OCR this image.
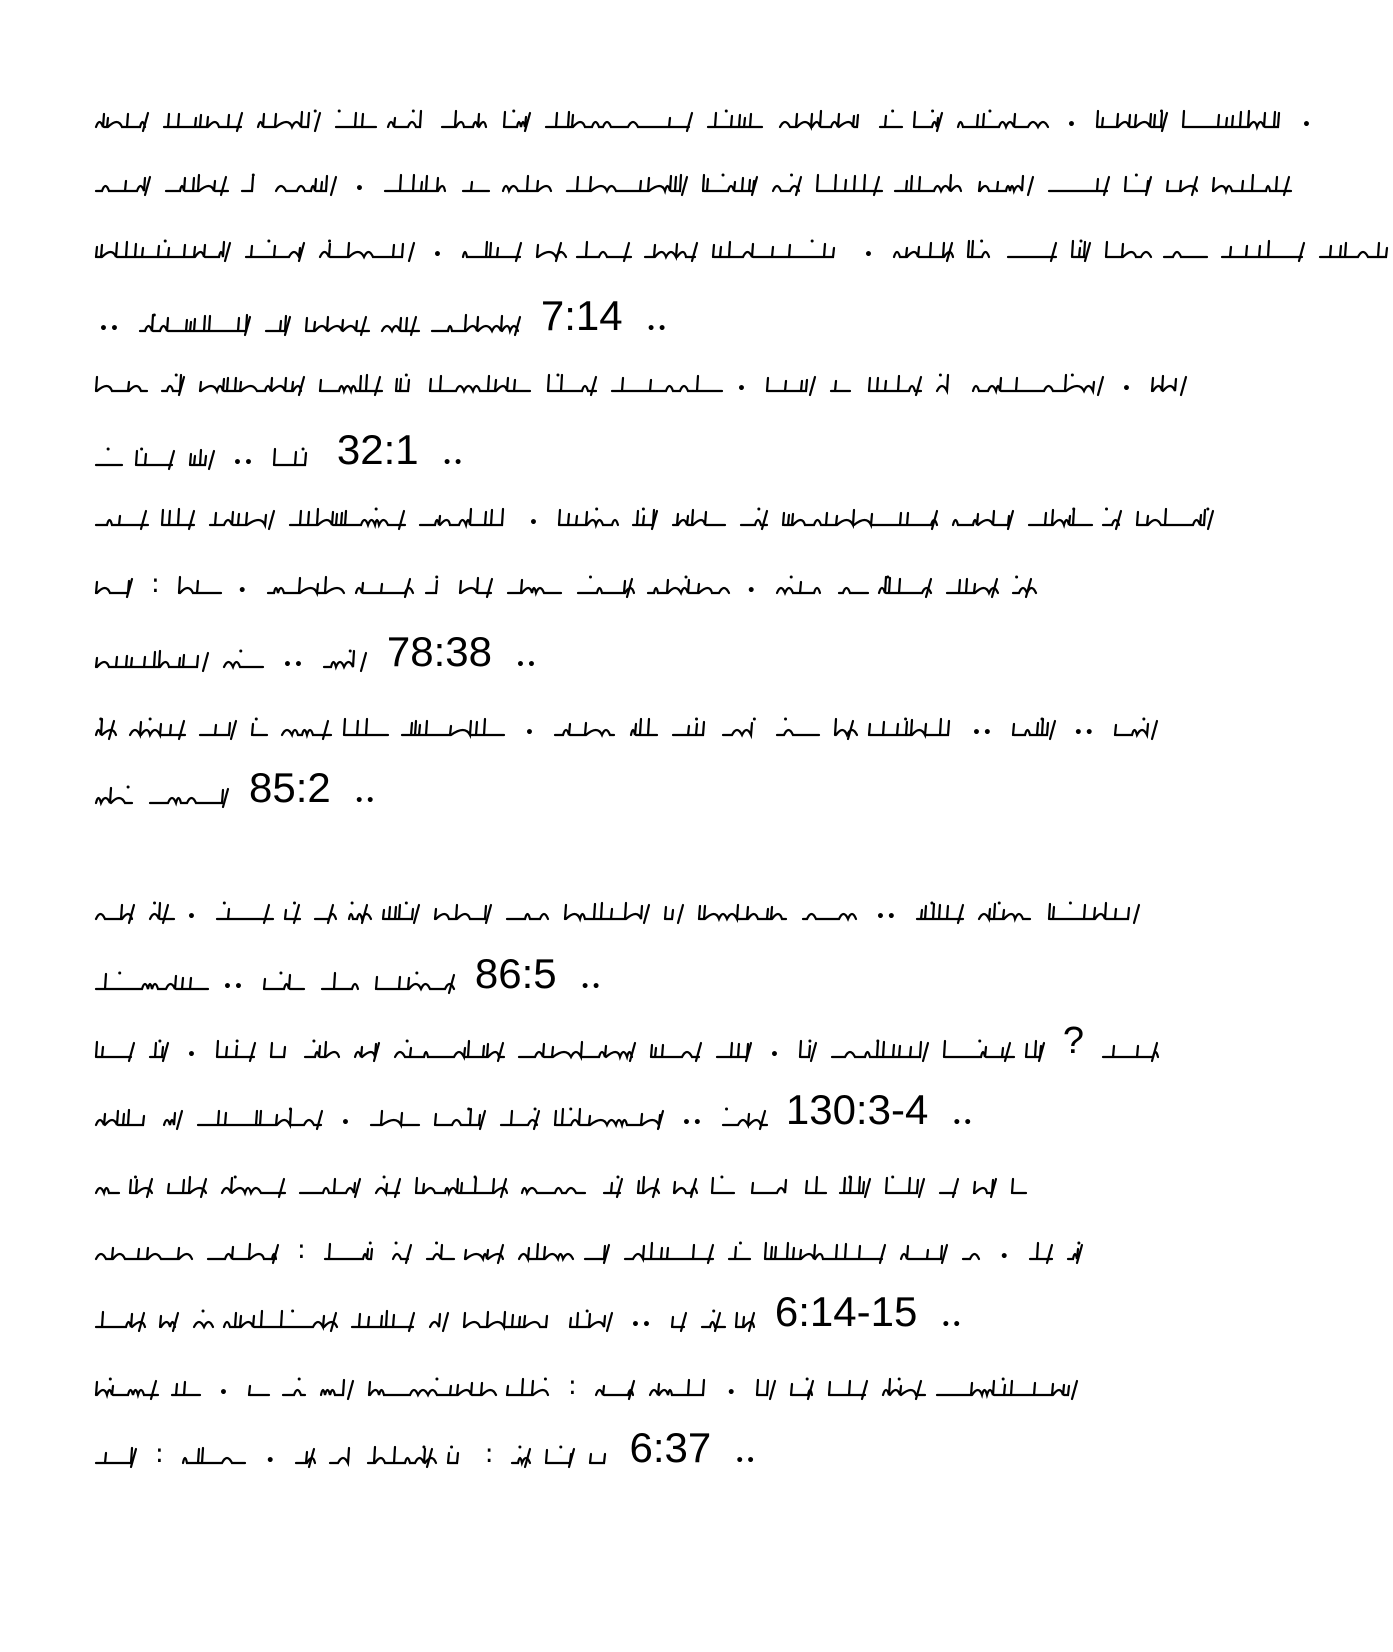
•	•
•
•	•
••	7:14 ••
•	•
•• 32:1 ••
•
:	•	•
•• 78:38 ••
•	••	••
85:2 ••
•	••
••	86:5 ••
•	•	?
•	•• 130:3-4 ••
:	•
••	6:14-15 ••
•	:	•
:	•	:	6:37 ••
